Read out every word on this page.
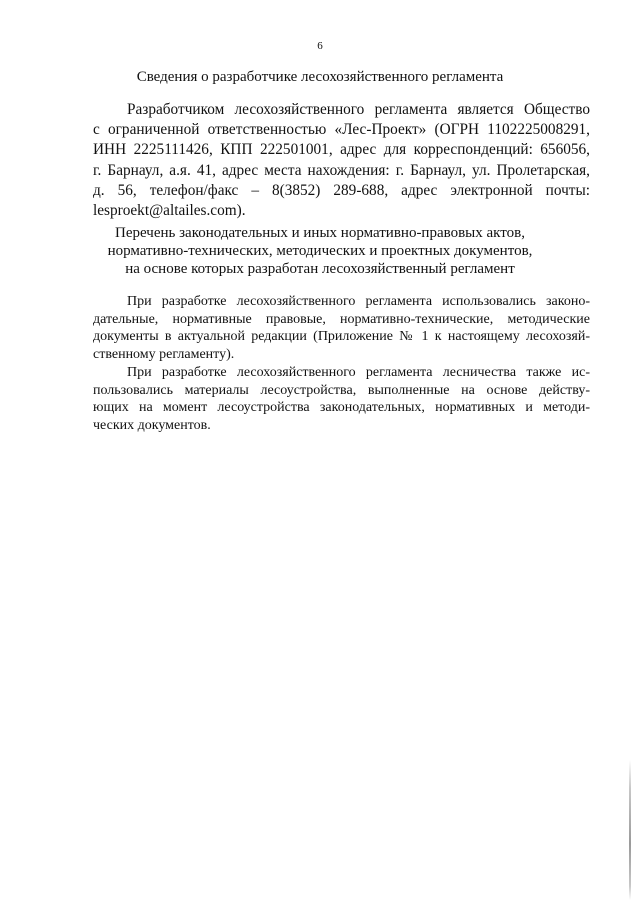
6
Сведения о разработчике лесохозяйственного регламента
Разработчиком лесохозяйственного регламента является Общество
с ограниченной ответственностью «Лес-Проект» (ОГРН 1102225008291,
ИНН 2225111426, КПП 222501001, адрес для корреспонденций: 656056,
г. Барнаул, а.я. 41, адрес места нахождения: г. Барнаул, ул. Пролетарская,
д. 56, телефон/факс – 8(3852) 289-688, адрес электронной почты:
lesproekt@altailes.com).
Перечень законодательных и иных нормативно-правовых актов,
нормативно-технических, методических и проектных документов,
на основе которых разработан лесохозяйственный регламент
При разработке лесохозяйственного регламента использовались законо-
дательные, нормативные правовые, нормативно-технические, методические
документы в актуальной редакции (Приложение № 1 к настоящему лесохозяй-
ственному регламенту).
При разработке лесохозяйственного регламента лесничества также ис-
пользовались материалы лесоустройства, выполненные на основе действу-
ющих на момент лесоустройства законодательных, нормативных и методи-
ческих документов.
